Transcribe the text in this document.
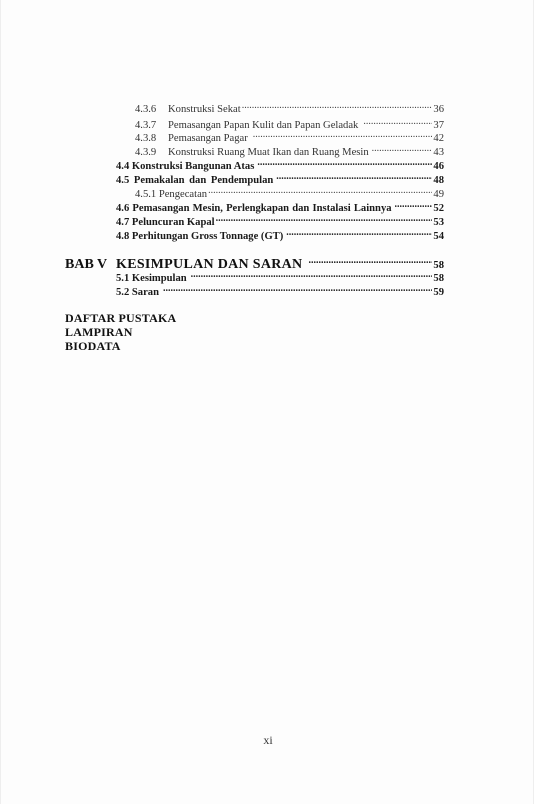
4.3.6	Konstruksi Sekat .....	36
4.3.7	Pemasangan Papan Kulit dan Papan Geladak .....	37
4.3.8	Pemasangan Pagar .....	42
4.3.9	Konstruksi Ruang Muat Ikan dan Ruang Mesin .....	43
4.4 Konstruksi Bangunan Atas .....	46
4.5 Pemakalan dan Pendempulan .....	48
4.5.1 Pengecatan .....	49
4.6 Pemasangan Mesin, Perlengkapan dan Instalasi Lainnya .....	52
4.7 Peluncuran Kapal .....	53
4.8 Perhitungan Gross Tonnage (GT) .....	54
BAB V KESIMPULAN DAN SARAN .....	58
5.1 Kesimpulan .....	58
5.2 Saran .....	59
DAFTAR PUSTAKA
LAMPIRAN
BIODATA
xi
